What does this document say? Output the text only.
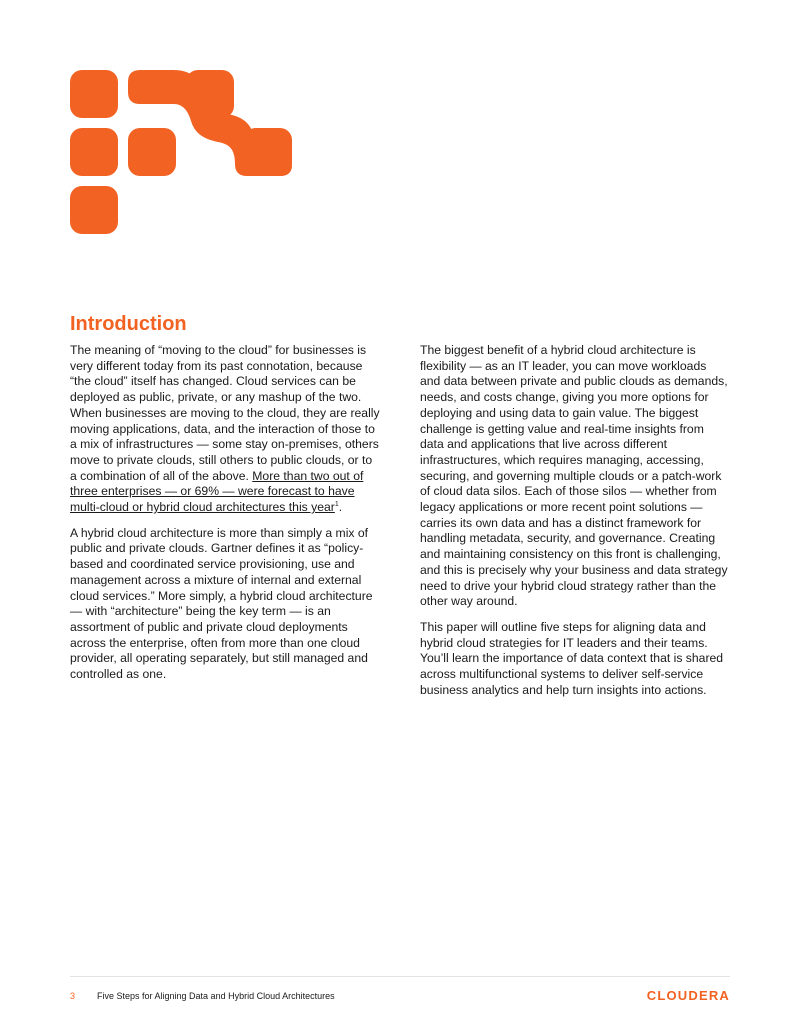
Introduction

The meaning of “moving to the cloud” for businesses is very different today from its past connotation, because “the cloud” itself has changed. Cloud services can be deployed as public, private, or any mashup of the two. When businesses are moving to the cloud, they are really moving applications, data, and the interaction of those to a mix of infrastructures — some stay on-premises, others move to private clouds, still others to public clouds, or to a combination of all of the above. More than two out of three enterprises — or 69% — were forecast to have multi-cloud or hybrid cloud architectures this year$^1$.

A hybrid cloud architecture is more than simply a mix of public and private clouds. Gartner defines it as “policy-based and coordinated service provisioning, use and management across a mixture of internal and external cloud services.” More simply, a hybrid cloud architecture — with “architecture” being the key term — is an assortment of public and private cloud deployments across the enterprise, often from more than one cloud provider, all operating separately, but still managed and controlled as one.

The biggest benefit of a hybrid cloud architecture is flexibility — as an IT leader, you can move workloads and data between private and public clouds as demands, needs, and costs change, giving you more options for deploying and using data to gain value. The biggest challenge is getting value and real-time insights from data and applications that live across different infrastructures, which requires managing, accessing, securing, and governing multiple clouds or a patch-work of cloud data silos. Each of those silos — whether from legacy applications or more recent point solutions — carries its own data and has a distinct framework for handling metadata, security, and governance. Creating and maintaining consistency on this front is challenging, and this is precisely why your business and data strategy need to drive your hybrid cloud strategy rather than the other way around.

This paper will outline five steps for aligning data and hybrid cloud strategies for IT leaders and their teams. You’ll learn the importance of data context that is shared across multifunctional systems to deliver self-service business analytics and help turn insights into actions.

3 Five Steps for Aligning Data and Hybrid Cloud Architectures	CLOUDERA
